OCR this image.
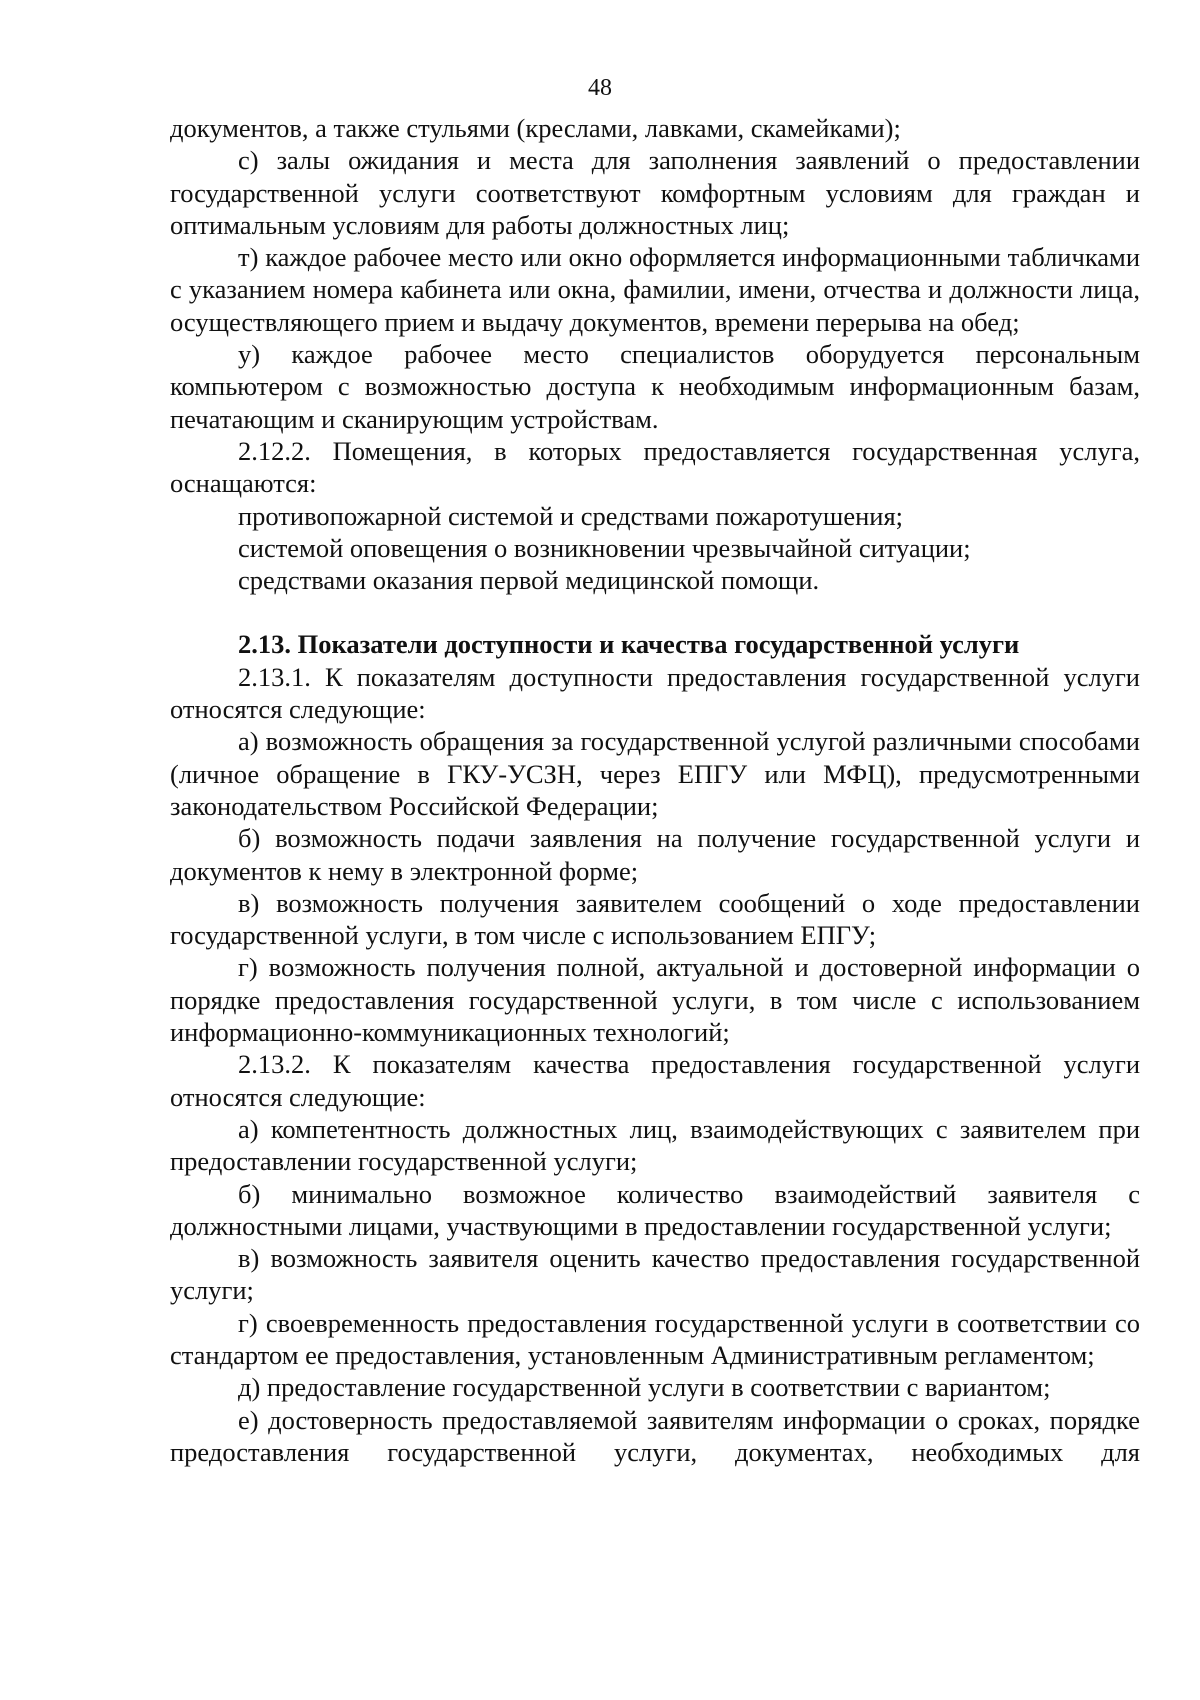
48

документов, а также стульями (креслами, лавками, скамейками);

с) залы ожидания и места для заполнения заявлений о предоставлении государственной услуги соответствуют комфортным условиям для граждан и оптимальным условиям для работы должностных лиц;

т) каждое рабочее место или окно оформляется информационными табличками с указанием номера кабинета или окна, фамилии, имени, отчества и должности лица, осуществляющего прием и выдачу документов, времени перерыва на обед;

у) каждое рабочее место специалистов оборудуется персональным компьютером с возможностью доступа к необходимым информационным базам, печатающим и сканирующим устройствам.

2.12.2. Помещения, в которых предоставляется государственная услуга, оснащаются:

противопожарной системой и средствами пожаротушения;

системой оповещения о возникновении чрезвычайной ситуации;

средствами оказания первой медицинской помощи.

2.13. Показатели доступности и качества государственной услуги

2.13.1. К показателям доступности предоставления государственной услуги относятся следующие:

а) возможность обращения за государственной услугой различными способами (личное обращение в ГКУ-УСЗН, через ЕПГУ или МФЦ), предусмотренными законодательством Российской Федерации;

б) возможность подачи заявления на получение государственной услуги и документов к нему в электронной форме;

в) возможность получения заявителем сообщений о ходе предоставлении государственной услуги, в том числе с использованием ЕПГУ;

г) возможность получения полной, актуальной и достоверной информации о порядке предоставления государственной услуги, в том числе с использованием информационно-коммуникационных технологий;

2.13.2. К показателям качества предоставления государственной услуги относятся следующие:

а) компетентность должностных лиц, взаимодействующих с заявителем при предоставлении государственной услуги;

б) минимально возможное количество взаимодействий заявителя с должностными лицами, участвующими в предоставлении государственной услуги;

в) возможность заявителя оценить качество предоставления государственной услуги;

г) своевременность предоставления государственной услуги в соответствии со стандартом ее предоставления, установленным Административным регламентом;

д) предоставление государственной услуги в соответствии с вариантом;

е) достоверность предоставляемой заявителям информации о сроках, порядке предоставления государственной услуги, документах, необходимых для
